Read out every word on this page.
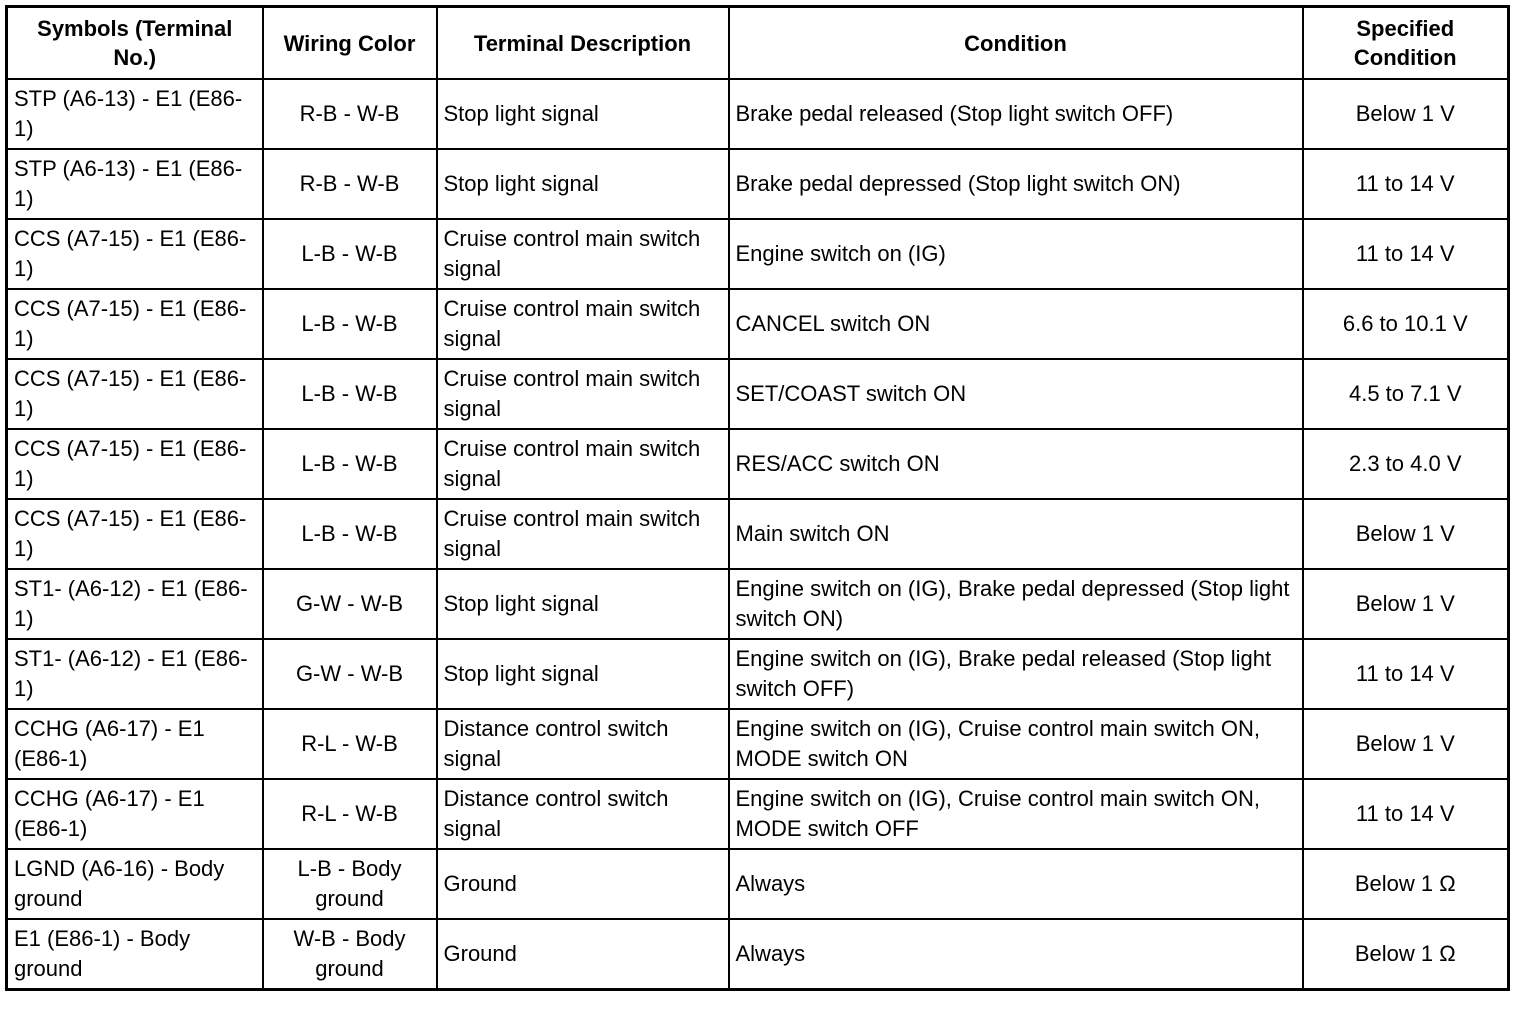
Symbols (Terminal No.)	Wiring Color	Terminal Description	Condition	Specified Condition
STP (A6-13) - E1 (E86-1)	R-B - W-B	Stop light signal	Brake pedal released (Stop light switch OFF)	Below 1 V
STP (A6-13) - E1 (E86-1)	R-B - W-B	Stop light signal	Brake pedal depressed (Stop light switch ON)	11 to 14 V
CCS (A7-15) - E1 (E86-1)	L-B - W-B	Cruise control main switch signal	Engine switch on (IG)	11 to 14 V
CCS (A7-15) - E1 (E86-1)	L-B - W-B	Cruise control main switch signal	CANCEL switch ON	6.6 to 10.1 V
CCS (A7-15) - E1 (E86-1)	L-B - W-B	Cruise control main switch signal	SET/COAST switch ON	4.5 to 7.1 V
CCS (A7-15) - E1 (E86-1)	L-B - W-B	Cruise control main switch signal	RES/ACC switch ON	2.3 to 4.0 V
CCS (A7-15) - E1 (E86-1)	L-B - W-B	Cruise control main switch signal	Main switch ON	Below 1 V
ST1- (A6-12) - E1 (E86-1)	G-W - W-B	Stop light signal	Engine switch on (IG), Brake pedal depressed (Stop light switch ON)	Below 1 V
ST1- (A6-12) - E1 (E86-1)	G-W - W-B	Stop light signal	Engine switch on (IG), Brake pedal released (Stop light switch OFF)	11 to 14 V
CCHG (A6-17) - E1 (E86-1)	R-L - W-B	Distance control switch signal	Engine switch on (IG), Cruise control main switch ON, MODE switch ON	Below 1 V
CCHG (A6-17) - E1 (E86-1)	R-L - W-B	Distance control switch signal	Engine switch on (IG), Cruise control main switch ON, MODE switch OFF	11 to 14 V
LGND (A6-16) - Body ground	L-B - Body ground	Ground	Always	Below 1 Ω
E1 (E86-1) - Body ground	W-B - Body ground	Ground	Always	Below 1 Ω
